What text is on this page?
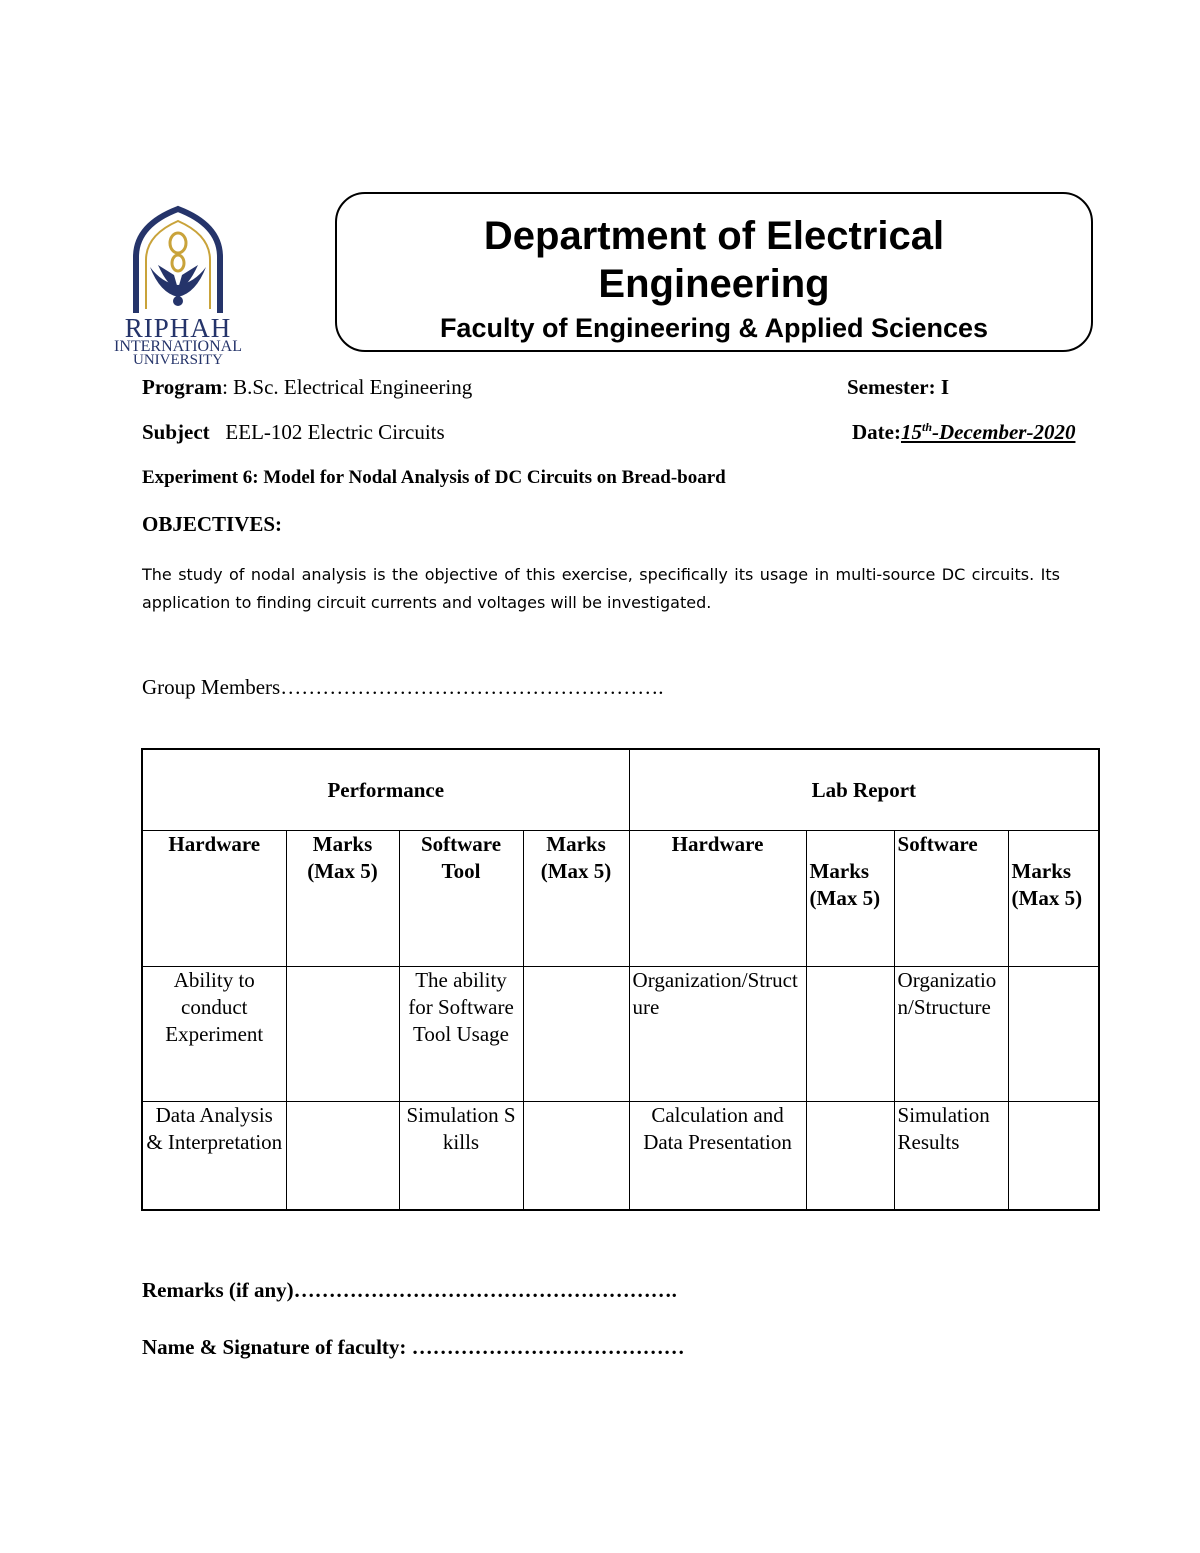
RIPHAH
INTERNATIONAL
UNIVERSITY
Department of Electrical
Engineering
Faculty of Engineering & Applied Sciences
Program: B.Sc. Electrical Engineering	Semester: I
Subject EEL-102 Electric Circuits	Date:15th-December-2020
Experiment 6: Model for Nodal Analysis of DC Circuits on Bread-board
OBJECTIVES:
The study of nodal analysis is the objective of this exercise, specifically its usage in multi-source DC circuits. Its application to finding circuit currents and voltages will be investigated.
Group Members……………………………………………….
Performance				Lab Report			
Hardware	Marks (Max 5)	Software Tool	Marks (Max 5)	Hardware	Marks (Max 5)	Software	Marks (Max 5)
Ability to conduct Experiment		The ability for Software Tool Usage		Organization/Structure		Organization/Structure	
Data Analysis & Interpretation		Simulation Skills		Calculation and Data Presentation		Simulation Results	
Remarks (if any)……………………………………………….
Name & Signature of faculty: …………………………………
